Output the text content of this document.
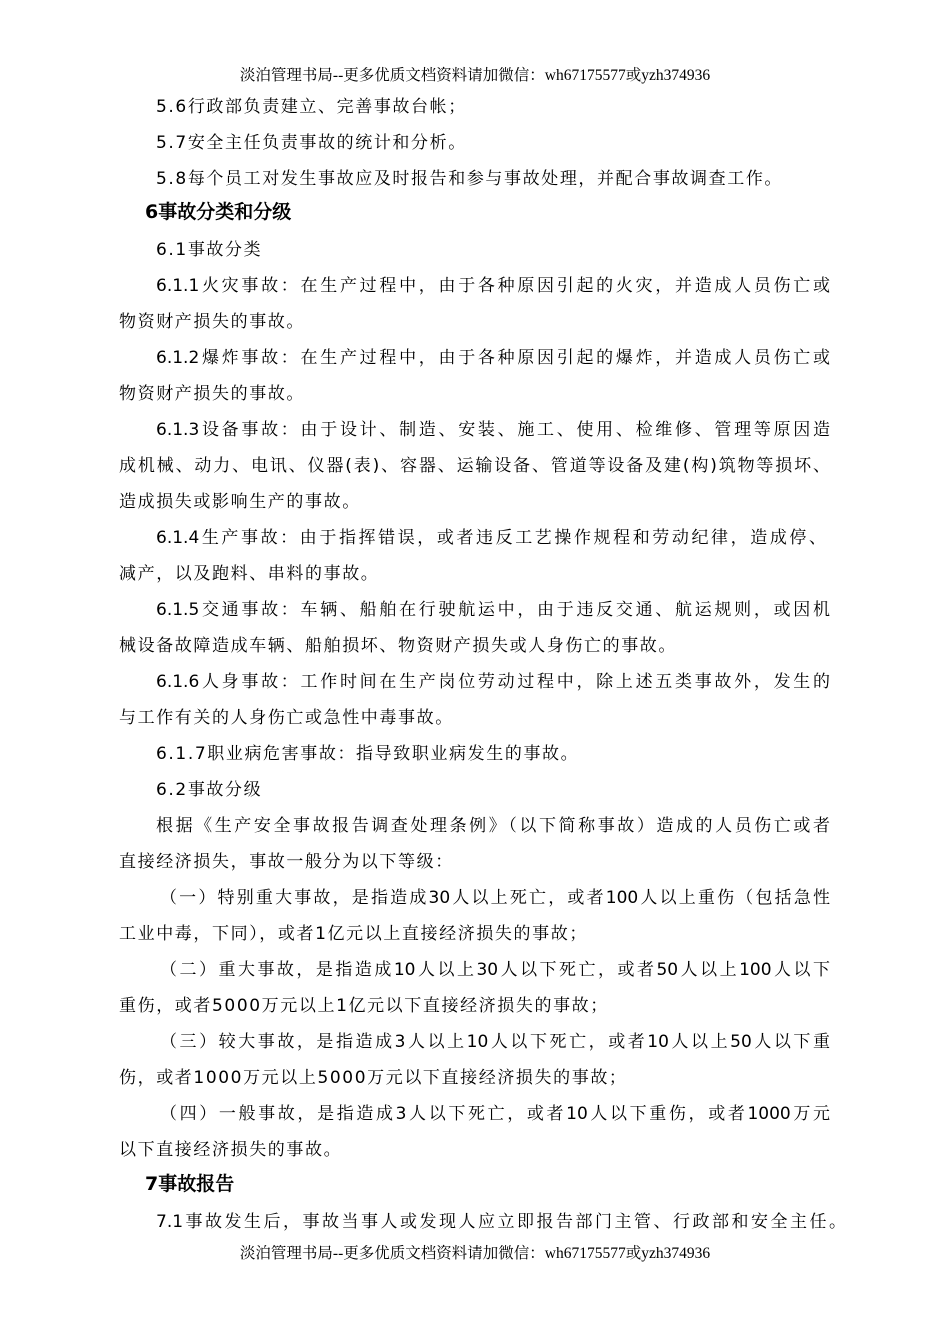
淡泊管理书局--更多优质文档资料请加微信：wh67175577或yzh374936
5.6行政部负责建立、完善事故台帐；
5.7安全主任负责事故的统计和分析。
5.8每个员工对发生事故应及时报告和参与事故处理，并配合事故调查工作。
6事故分类和分级
6.1事故分类
6.1.1火灾事故：在生产过程中，由于各种原因引起的火灾，并造成人员伤亡或
物资财产损失的事故。
6.1.2爆炸事故：在生产过程中，由于各种原因引起的爆炸，并造成人员伤亡或
物资财产损失的事故。
6.1.3设备事故：由于设计、制造、安装、施工、使用、检维修、管理等原因造
成机械、动力、电讯、仪器(表)、容器、运输设备、管道等设备及建(构)筑物等损坏、
造成损失或影响生产的事故。
6.1.4生产事故：由于指挥错误，或者违反工艺操作规程和劳动纪律，造成停、
减产，以及跑料、串料的事故。
6.1.5交通事故：车辆、船舶在行驶航运中，由于违反交通、航运规则，或因机
械设备故障造成车辆、船舶损坏、物资财产损失或人身伤亡的事故。
6.1.6人身事故：工作时间在生产岗位劳动过程中，除上述五类事故外，发生的
与工作有关的人身伤亡或急性中毒事故。
6.1.7职业病危害事故：指导致职业病发生的事故。
6.2事故分级
根据《生产安全事故报告调查处理条例》（以下简称事故）造成的人员伤亡或者
直接经济损失，事故一般分为以下等级：
（一）特别重大事故，是指造成30人以上死亡，或者100人以上重伤（包括急性
工业中毒，下同），或者1亿元以上直接经济损失的事故；
（二）重大事故，是指造成10人以上30人以下死亡，或者50人以上100人以下
重伤，或者5000万元以上1亿元以下直接经济损失的事故；
（三）较大事故，是指造成3人以上10人以下死亡，或者10人以上50人以下重
伤，或者1000万元以上5000万元以下直接经济损失的事故；
（四）一般事故，是指造成3人以下死亡，或者10人以下重伤，或者1000万元
以下直接经济损失的事故。
7事故报告
7.1事故发生后，事故当事人或发现人应立即报告部门主管、行政部和安全主任。
淡泊管理书局--更多优质文档资料请加微信：wh67175577或yzh374936
